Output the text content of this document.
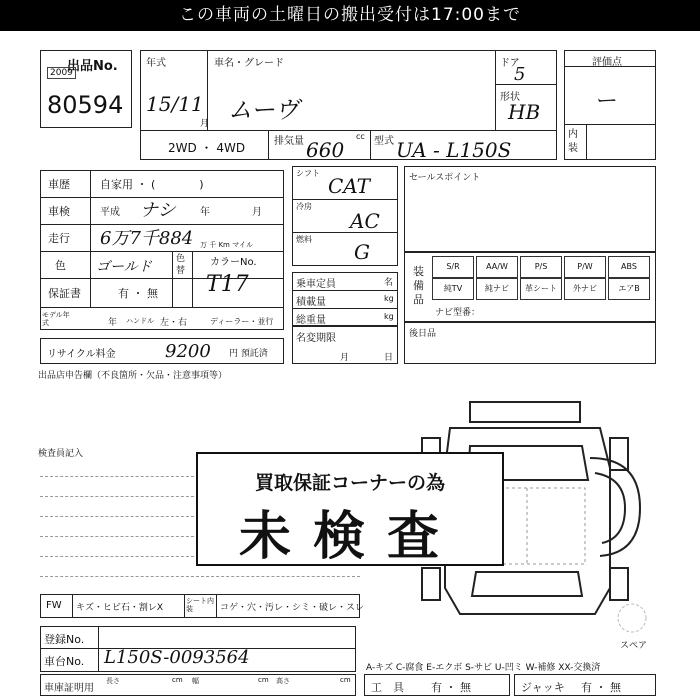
この車両の土曜日の搬出受付は17:00まで
出品No.
2009
80594
年式
15/11
月
車名・グレード
ムーヴ
ドア
5
形状
HB
2WD ・ 4WD	排気量 660
cc 型式 UA - L150S
評価点
ー
内装
車歴	自家用 ・ (　　　　)
車検	平成 ナシ 年	月
走行 6万7千884 万 千 Km マイル
色 ゴールド	色替
カラーNo.
T17
保証書	有 ・ 無
モデル年式	年 ハンドル 左・右	ディーラー・並行
リサイクル料金	9200 円 預託済
出品店申告欄（不良箇所・欠品・注意事項等）
シフト
CAT
冷房
AC
燃料
G
乗車定員	名
積載量	kg
総重量	kg
名変期限
月	日
セールスポイント
装備品
ナビ型番：
S/R	AA/W	P/S	P/W	ABS
純TV	純ナビ	革シート	外ナビ	エアB
後日品
検査員記入
買取保証コーナーの為
未検査
FW キズ・ヒビ石・割レX
シート内装	コゲ・穴・汚レ・シミ・破レ・スレ
登録No.
車台No. L150S-0093564
車庫証明用
長さ	cm 幅	cm 高さ	cm
スペア
A-キズ C-腐食 E-エクボ S-サビ U-凹ミ W-補修 XX-交換済
工　具 有 ・ 無	ジャッキ 有 ・ 無
